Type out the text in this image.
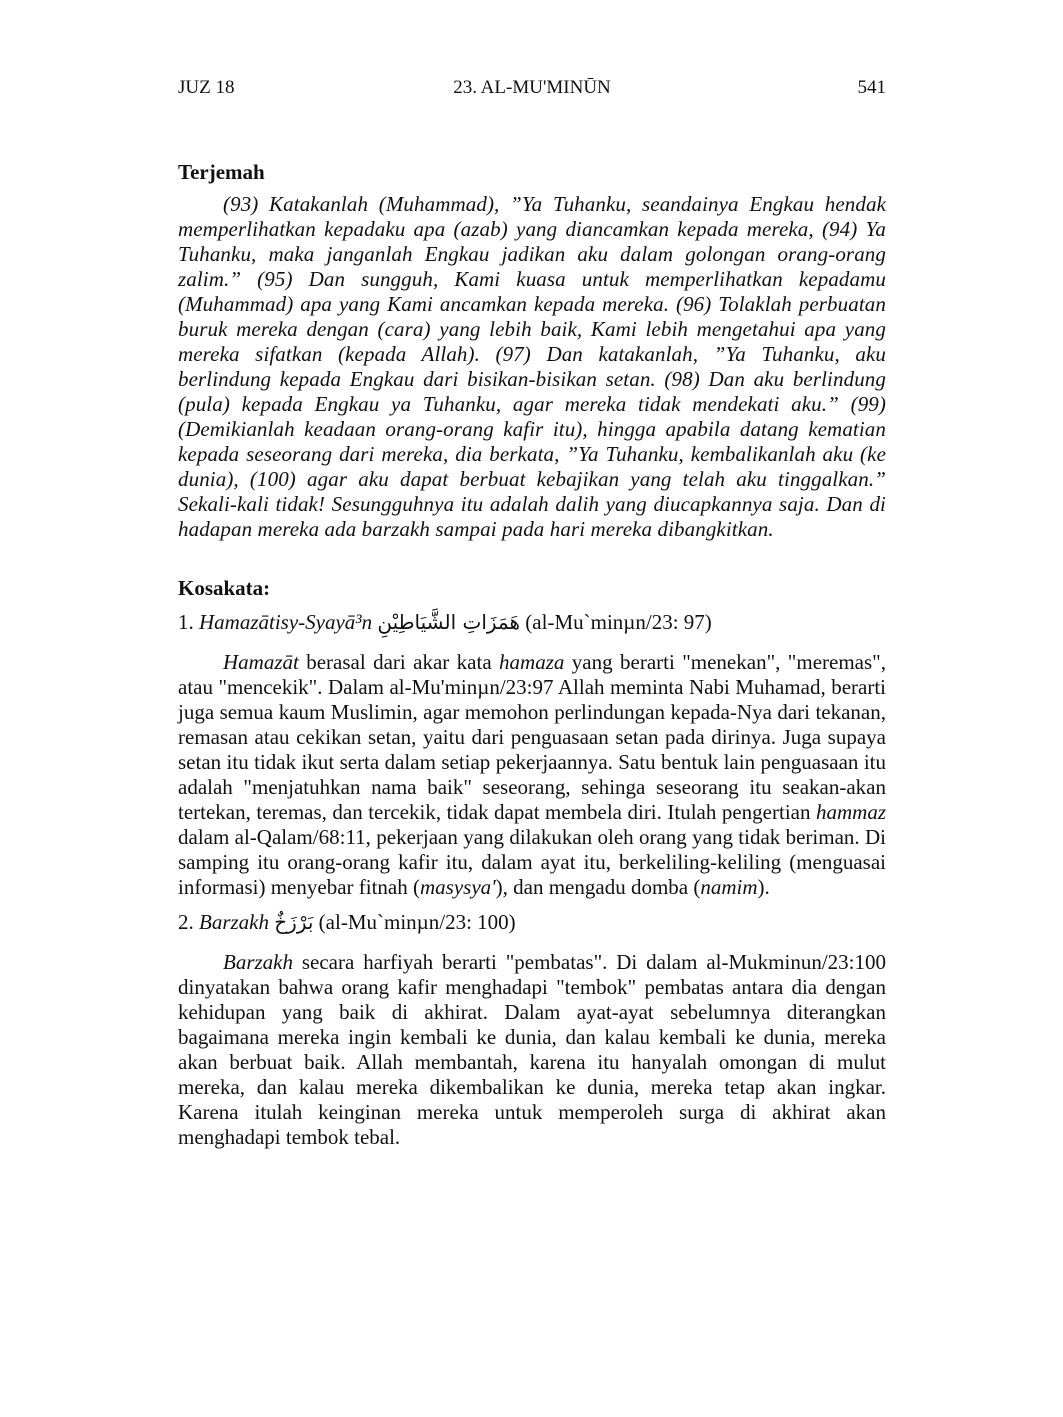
JUZ 18	23. AL-MU'MINŪN	541
Terjemah

(93) Katakanlah (Muhammad), ”Ya Tuhanku, seandainya Engkau hendak memperlihatkan kepadaku apa (azab) yang diancamkan kepada mereka, (94) Ya Tuhanku, maka janganlah Engkau jadikan aku dalam golongan orang-orang zalim.” (95) Dan sungguh, Kami kuasa untuk memperlihatkan kepadamu (Muhammad) apa yang Kami ancamkan kepada mereka. (96) Tolaklah perbuatan buruk mereka dengan (cara) yang lebih baik, Kami lebih mengetahui apa yang mereka sifatkan (kepada Allah). (97) Dan katakanlah, ”Ya Tuhanku, aku berlindung kepada Engkau dari bisikan-bisikan setan. (98) Dan aku berlindung (pula) kepada Engkau ya Tuhanku, agar mereka tidak mendekati aku.” (99) (Demikianlah keadaan orang-orang kafir itu), hingga apabila datang kematian kepada seseorang dari mereka, dia berkata, ”Ya Tuhanku, kembalikanlah aku (ke dunia), (100) agar aku dapat berbuat kebajikan yang telah aku tinggalkan.” Sekali-kali tidak! Sesungguhnya itu adalah dalih yang diucapkannya saja. Dan di hadapan mereka ada barzakh sampai pada hari mereka dibangkitkan.

Kosakata:

1. Hamazātisy-Syayā³n هَمَزَاتِ الشَّيَاطِيْنِ (al-Mu`minµn/23: 97)

Hamazāt berasal dari akar kata hamaza yang berarti "menekan", "meremas", atau "mencekik". Dalam al-Mu'minµn/23:97 Allah meminta Nabi Muhamad, berarti juga semua kaum Muslimin, agar memohon perlindungan kepada-Nya dari tekanan, remasan atau cekikan setan, yaitu dari penguasaan setan pada dirinya. Juga supaya setan itu tidak ikut serta dalam setiap pekerjaannya. Satu bentuk lain penguasaan itu adalah "menjatuhkan nama baik" seseorang, sehinga seseorang itu seakan-akan tertekan, teremas, dan tercekik, tidak dapat membela diri. Itulah pengertian hammaz dalam al-Qalam/68:11, pekerjaan yang dilakukan oleh orang yang tidak beriman. Di samping itu orang-orang kafir itu, dalam ayat itu, berkeliling-keliling (menguasai informasi) menyebar fitnah (masysya'), dan mengadu domba (namim).

2. Barzakh بَرْزَخٌ (al-Mu`minµn/23: 100)

Barzakh secara harfiyah berarti "pembatas". Di dalam al-Mukminun/23:100 dinyatakan bahwa orang kafir menghadapi "tembok" pembatas antara dia dengan kehidupan yang baik di akhirat. Dalam ayat-ayat sebelumnya diterangkan bagaimana mereka ingin kembali ke dunia, dan kalau kembali ke dunia, mereka akan berbuat baik. Allah membantah, karena itu hanyalah omongan di mulut mereka, dan kalau mereka dikembalikan ke dunia, mereka tetap akan ingkar. Karena itulah keinginan mereka untuk memperoleh surga di akhirat akan menghadapi tembok tebal.
